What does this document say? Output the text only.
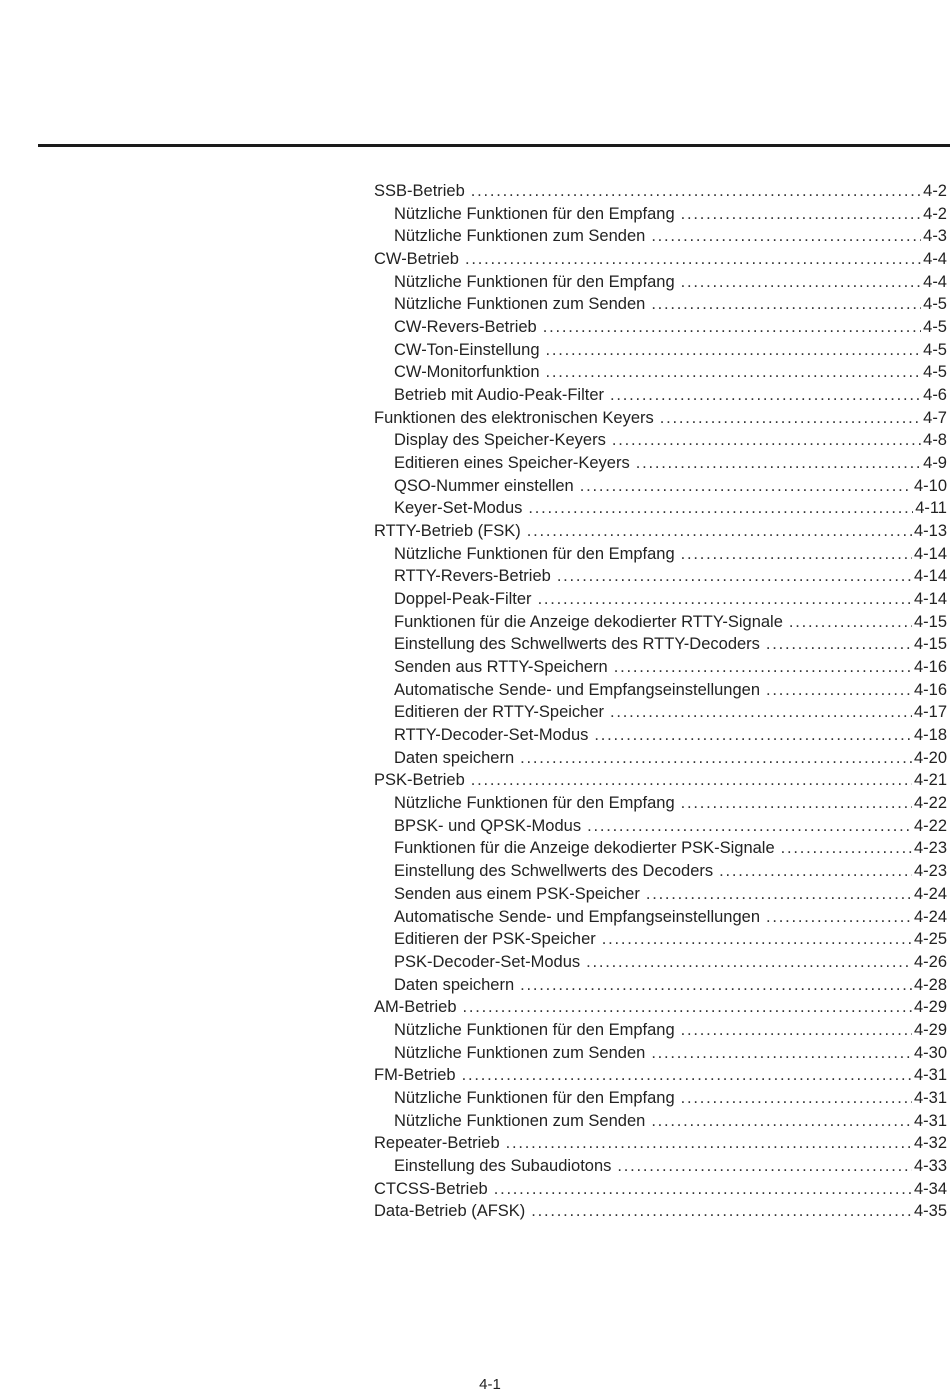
SSB-Betrieb . . .	4-2
Nützliche Funktionen für den Empfang . . .	4-2
Nützliche Funktionen zum Senden . . .	4-3
CW-Betrieb . . .	4-4
Nützliche Funktionen für den Empfang . . .	4-4
Nützliche Funktionen zum Senden . . .	4-5
CW-Revers-Betrieb . . .	4-5
CW-Ton-Einstellung . . .	4-5
CW-Monitorfunktion . . .	4-5
Betrieb mit Audio-Peak-Filter . . .	4-6
Funktionen des elektronischen Keyers . . .	4-7
Display des Speicher-Keyers . . .	4-8
Editieren eines Speicher-Keyers . . .	4-9
QSO-Nummer einstellen . . .	4-10
Keyer-Set-Modus . . .	4-11
RTTY-Betrieb (FSK) . . .	4-13
Nützliche Funktionen für den Empfang . . .	4-14
RTTY-Revers-Betrieb . . .	4-14
Doppel-Peak-Filter . . .	4-14
Funktionen für die Anzeige dekodierter RTTY-Signale . . .	4-15
Einstellung des Schwellwerts des RTTY-Decoders . . .	4-15
Senden aus RTTY-Speichern . . .	4-16
Automatische Sende- und Empfangseinstellungen . . .	4-16
Editieren der RTTY-Speicher . . .	4-17
RTTY-Decoder-Set-Modus . . .	4-18
Daten speichern . . .	4-20
PSK-Betrieb . . .	4-21
Nützliche Funktionen für den Empfang . . .	4-22
BPSK- und QPSK-Modus . . .	4-22
Funktionen für die Anzeige dekodierter PSK-Signale . . .	4-23
Einstellung des Schwellwerts des Decoders . . .	4-23
Senden aus einem PSK-Speicher . . .	4-24
Automatische Sende- und Empfangseinstellungen . . .	4-24
Editieren der PSK-Speicher . . .	4-25
PSK-Decoder-Set-Modus . . .	4-26
Daten speichern . . .	4-28
AM-Betrieb . . .	4-29
Nützliche Funktionen für den Empfang . . .	4-29
Nützliche Funktionen zum Senden . . .	4-30
FM-Betrieb . . .	4-31
Nützliche Funktionen für den Empfang . . .	4-31
Nützliche Funktionen zum Senden . . .	4-31
Repeater-Betrieb . . .	4-32
Einstellung des Subaudiotons . . .	4-33
CTCSS-Betrieb . . .	4-34
Data-Betrieb (AFSK) . . .	4-35
4-1
